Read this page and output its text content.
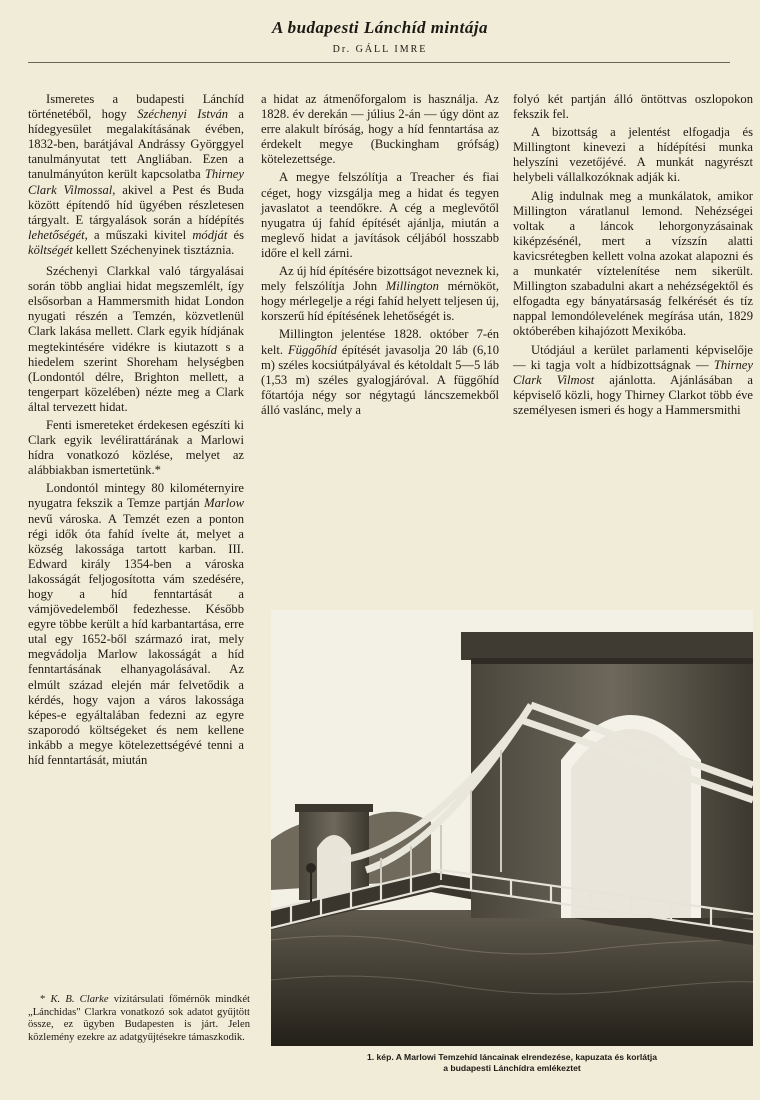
A budapesti Lánchíd mintája
Dr. GÁLL IMRE

Ismeretes a budapesti Lánchíd történetéből, hogy Széchenyi István a hídegyesület megalakításának évében, 1832-ben, barátjával Andrássy Györggyel tanulmányutat tett Angliában. Ezen a tanulmányúton került kapcsolatba Thirney Clark Vilmossal, akivel a Pest és Buda között építendő híd ügyében részletesen tárgyalt. E tárgyalások során a hídépítés lehetőségét, a műszaki kivitel módját és költségét kellett Széchenyinek tisztáznia.

Széchenyi Clarkkal való tárgyalásai során több angliai hidat megszemlélt, így elsősorban a Hammersmith hidat London nyugati részén a Temzén, közvetlenül Clark lakása mellett. Clark egyik hídjának megtekintésére vidékre is kiutazott s a hiedelem szerint Shoreham helységben (Londontól délre, Brighton mellett, a tengerpart közelében) nézte meg a Clark által tervezett hidat.

Fenti ismereteket érdekesen egészíti ki Clark egyik levélirattárának a Marlowi hídra vonatkozó közlése, melyet az alábbiakban ismertetünk.*

Londontól mintegy 80 kilométernyire nyugatra fekszik a Temze partján Marlow nevű városka. A Temzét ezen a ponton régi idők óta fahíd ívelte át, melyet a község lakossága tartott karban. III. Edward király 1354-ben a városka lakosságát feljogosította vám szedésére, hogy a híd fenntartását a vámjövedelemből fedezhesse. Később egyre többe került a híd karbantartása, erre utal egy 1652-ből származó irat, mely megvádolja Marlow lakosságát a híd fenntartásának elhanyagolásával. Az elmúlt század elején már felvetődik a kérdés, hogy vajon a város lakossága képes-e egyáltalában fedezni az egyre szaporodó költségeket és nem kellene inkább a megye kötelezettségévé tenni a híd fenntartását, miután

a hidat az átmenőforgalom is használja. Az 1828. év derekán — július 2-án — úgy dönt az erre alakult bíróság, hogy a híd fenntartása az érdekelt megye (Buckingham grófság) kötelezettsége.

A megye felszólítja a Treacher és fiai céget, hogy vizsgálja meg a hidat és tegyen javaslatot a teendőkre. A cég a meglevőtől nyugatra új fahíd építését ajánlja, miután a meglevő hidat a javítások céljából hosszabb időre el kell zárni.

Az új híd építésére bizottságot neveznek ki, mely felszólítja John Millington mérnököt, hogy mérlegelje a régi fahíd helyett teljesen új, korszerű híd építésének lehetőségét is.

Millington jelentése 1828. október 7-én kelt. Függőhíd építését javasolja 20 láb (6,10 m) széles kocsiútpályával és kétoldalt 5—5 láb (1,53 m) széles gyalogjáróval. A függőhíd főtartója négy sor négytagú láncszemekből álló vaslánc, mely a

folyó két partján álló öntöttvas oszlopokon fekszik fel.

A bizottság a jelentést elfogadja és Millingtont kinevezi a hídépítési munka helyszíni vezetőjévé. A munkát nagyrészt helybeli vállalkozóknak adják ki.

Alig indulnak meg a munkálatok, amikor Millington váratlanul lemond. Nehézségei voltak a láncok lehorgonyzásainak kiképzésénél, mert a vízszín alatti kavicsrétegben kellett volna azokat alapozni és a munkatér víztelenítése nem sikerült. Millington szabadulni akart a nehézségektől és elfogadta egy bányatársaság felkérését és tíz nappal lemondólevelének megírása után, 1829 októberében kihajózott Mexikóba.

Utódjául a kerület parlamenti képviselője — ki tagja volt a hídbizottságnak — Thirney Clark Vilmost ajánlotta. Ajánlásában a képviselő közli, hogy Thirney Clarkot több éve személyesen ismeri és hogy a Hammersmithi

* K. B. Clarke vízitársulati főmérnök mindkét „Lánchidas" Clarkra vonatkozó sok adatot gyűjtött össze, ez ügyben Budapesten is járt. Jelen közlemény ezekre az adatgyűjtésekre támaszkodik.

1. kép. A Marlowi Temzehíd láncainak elrendezése, kapuzata és korlátja
a budapesti Lánchídra emlékeztet
